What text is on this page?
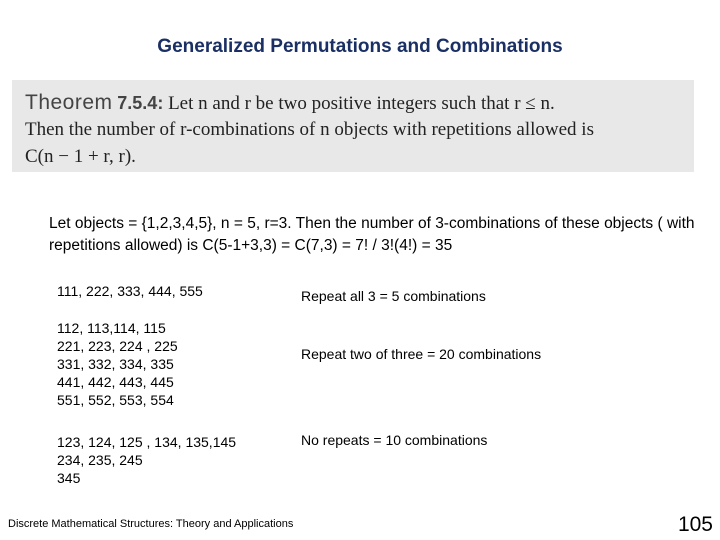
Generalized Permutations and Combinations
Theorem 7.5.4: Let n and r be two positive integers such that r ≤ n.
Then the number of r-combinations of n objects with repetitions allowed is
C(n − 1 + r, r).
Let objects = {1,2,3,4,5}, n = 5, r=3. Then the number of 3-combinations of these objects ( with repetitions allowed) is C(5-1+3,3) = C(7,3) = 7! / 3!(4!) = 35
111, 222, 333, 444, 555	Repeat all 3 = 5 combinations
112, 113,114, 115
221, 223, 224 , 225
331, 332, 334, 335
441, 442, 443, 445
551, 552, 553, 554
Repeat two of three = 20 combinations
123, 124, 125 , 134, 135,145
234, 235, 245
345
No repeats = 10 combinations
Discrete Mathematical Structures: Theory and Applications	105
